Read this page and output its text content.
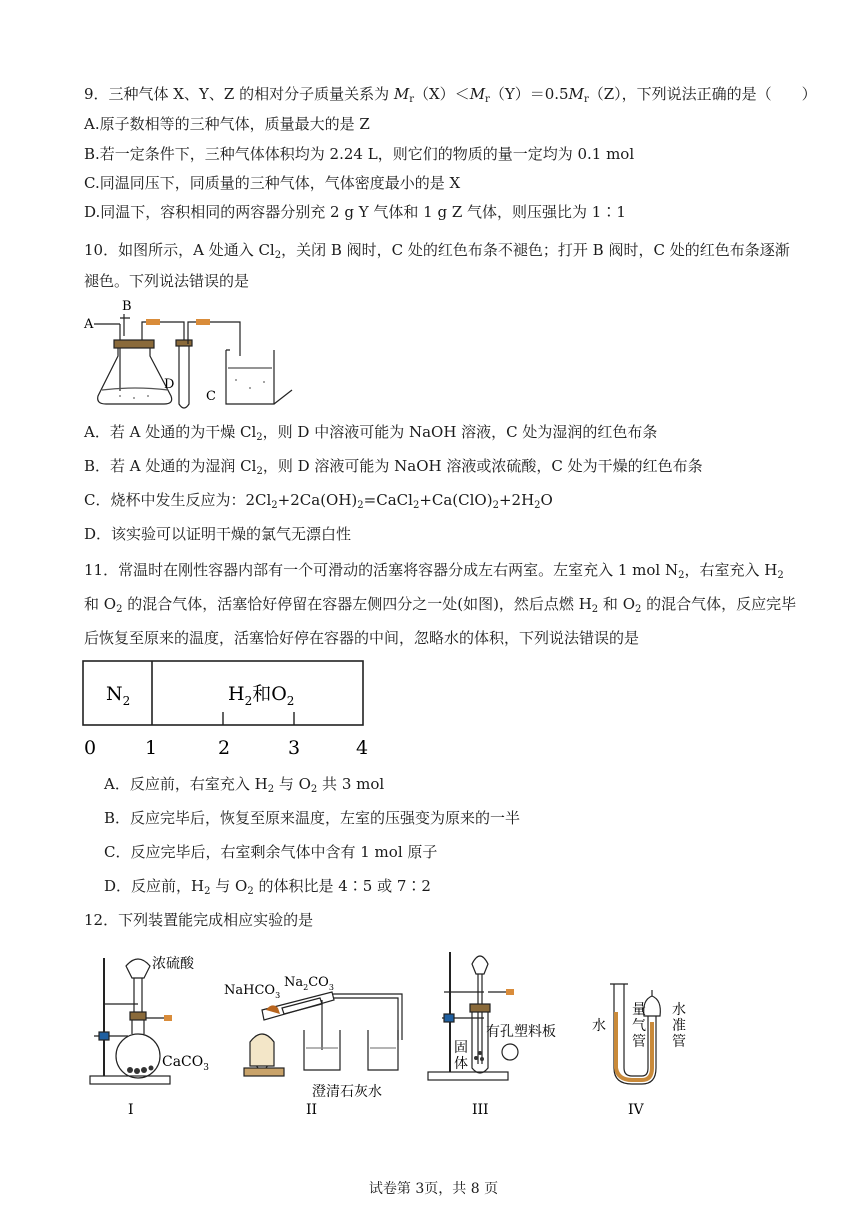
9．三种气体 X、Y、Z 的相对分子质量关系为 $M_r(X)<M_r(Y)=0.5M_r(Z)$，下列说法正确的是（　　）
A.原子数相等的三种气体，质量最大的是 Z
B.若一定条件下，三种气体体积均为 2.24 L，则它们的物质的量一定均为 0.1 mol
C.同温同压下，同质量的三种气体，气体密度最小的是 X
D.同温下，容积相同的两容器分别充 2 g Y 气体和 1 g Z 气体，则压强比为 1∶1
10．如图所示，A 处通入 $Cl_2$，关闭 B 阀时，C 处的红色布条不褪色；打开 B 阀时，C 处的红色布条逐渐
褪色。下列说法错误的是
A
B
D
C
A．若 A 处通的为干燥 $Cl_2$，则 D 中溶液可能为 NaOH 溶液，C 处为湿润的红色布条
B．若 A 处通的为湿润 $Cl_2$，则 D 溶液可能为 NaOH 溶液或浓硫酸，C 处为干燥的红色布条
C．烧杯中发生反应为：$2Cl_2+2Ca(OH)_2=CaCl_2+Ca(ClO)_2+2H_2O$
D．该实验可以证明干燥的氯气无漂白性
11．常温时在刚性容器内部有一个可滑动的活塞将容器分成左右两室。左室充入 1 mol $N_2$，右室充入 $H_2$
和 $O_2$ 的混合气体，活塞恰好停留在容器左侧四分之一处(如图)，然后点燃 $H_2$ 和 $O_2$ 的混合气体，反应完毕
后恢复至原来的温度，活塞恰好停在容器的中间，忽略水的体积，下列说法错误的是
$N_2$	$H_2$和$O_2$
0	1	2	3	4
A．反应前，右室充入 $H_2$ 与 $O_2$ 共 3 mol
B．反应完毕后，恢复至原来温度，左室的压强变为原来的一半
C．反应完毕后，右室剩余气体中含有 1 mol 原子
D．反应前，$H_2$ 与 $O_2$ 的体积比是 4∶5 或 7∶2
12．下列装置能完成相应实验的是
浓硫酸
CaCO$_3$
I
NaHCO$_3$
$Na_2CO_3$
澄清石灰水
II
有孔塑料板
固
体
III
水
量
气
管
水
准
管
IV
试卷第 3页，共 8 页
